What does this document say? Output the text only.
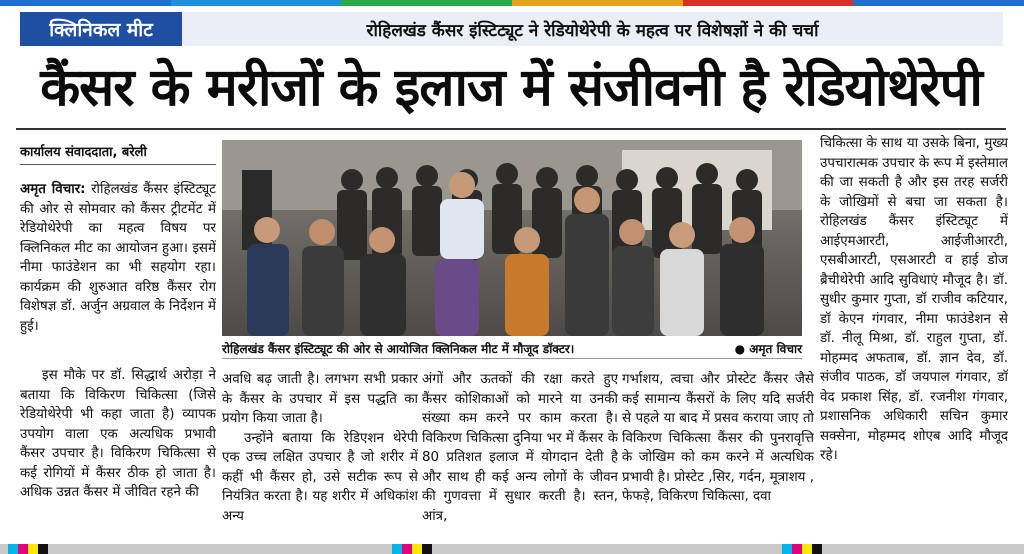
क्लिनिकल मीट	रोहिलखंड कैंसर इंस्टिट्यूट ने रेडियोथेरेपी के महत्व पर विशेषज्ञों ने की चर्चा
कैंसर के मरीजों के इलाज में संजीवनी है रेडियोथेरेपी
कार्यालय संवाददाता, बरेली

अमृत विचार: रोहिलखंड कैंसर इंस्टिट्यूट की ओर से सोमवार को कैंसर ट्रीटमेंट में रेडियोथेरेपी का महत्व विषय पर क्लिनिकल मीट का आयोजन हुआ। इसमें नीमा फाउंडेशन का भी सहयोग रहा। कार्यक्रम की शुरुआत वरिष्ठ कैंसर रोग विशेषज्ञ डॉ. अर्जुन अग्रवाल के निर्देशन में हुई।

इस मौके पर डॉ. सिद्धार्थ अरोड़ा ने बताया कि विकिरण चिकित्सा (जिसे रेडियोथेरेपी भी कहा जाता है) व्यापक उपयोग वाला एक अत्यधिक प्रभावी कैंसर उपचार है। विकिरण चिकित्सा से कई रोगियों में कैंसर ठीक हो जाता है। अधिक उन्नत कैंसर में जीवित रहने की

रोहिलखंड कैंसर इंस्टिट्यूट की ओर से आयोजित क्लिनिकल मीट में मौजूद डॉक्टर।	● अमृत विचार

अवधि बढ़ जाती है। लगभग सभी प्रकार के कैंसर के उपचार में इस पद्धति का प्रयोग किया जाता है।

उन्होंने बताया कि रेडिएशन थेरेपी एक उच्च लक्षित उपचार है जो शरीर में कहीं भी कैंसर हो, उसे सटीक रूप से नियंत्रित करता है। यह शरीर में अधिकांश अन्य

अंगों और ऊतकों की रक्षा करते हुए कैंसर कोशिकाओं को मारने या उनकी संख्या कम करने पर काम करता है। विकिरण चिकित्सा दुनिया भर में कैंसर के 80 प्रतिशत इलाज में योगदान देती है और साथ ही कई अन्य लोगों के जीवन की गुणवत्ता में सुधार करती है। स्तन, आंत्र,

गर्भाशय, त्वचा और प्रोस्टेट कैंसर जैसे कई सामान्य कैंसरों के लिए यदि सर्जरी से पहले या बाद में प्रसव कराया जाए तो विकिरण चिकित्सा कैंसर की पुनरावृत्ति के जोखिम को कम करने में अत्यधिक प्रभावी है। प्रोस्टेट ,सिर, गर्दन, मूत्राशय , फेफड़े, विकिरण चिकित्सा, दवा

चिकित्सा के साथ या उसके बिना, मुख्य उपचारात्मक उपचार के रूप में इस्तेमाल की जा सकती है और इस तरह सर्जरी के जोखिमों से बचा जा सकता है। रोहिलखंड कैंसर इंस्टिट्यूट में आईएमआरटी, आईजीआरटी, एसबीआरटी, एसआरटी व हाई डोज ब्रैचीथेरेपी आदि सुविधाएं मौजूद है। डॉ. सुधीर कुमार गुप्ता, डॉ राजीव कटियार, डॉ केएन गंगवार, नीमा फाउंडेशन से डॉ. नीलू मिश्रा, डॉ. राहुल गुप्ता, डॉ. मोहम्मद अफताब, डॉ. ज्ञान देव, डॉ. संजीव पाठक, डॉ जयपाल गंगवार, डॉ वेद प्रकाश सिंह, डॉ. रजनीश गंगवार, प्रशासनिक अधिकारी सचिन कुमार सक्सेना, मोहम्मद शोएब आदि मौजूद रहे।
